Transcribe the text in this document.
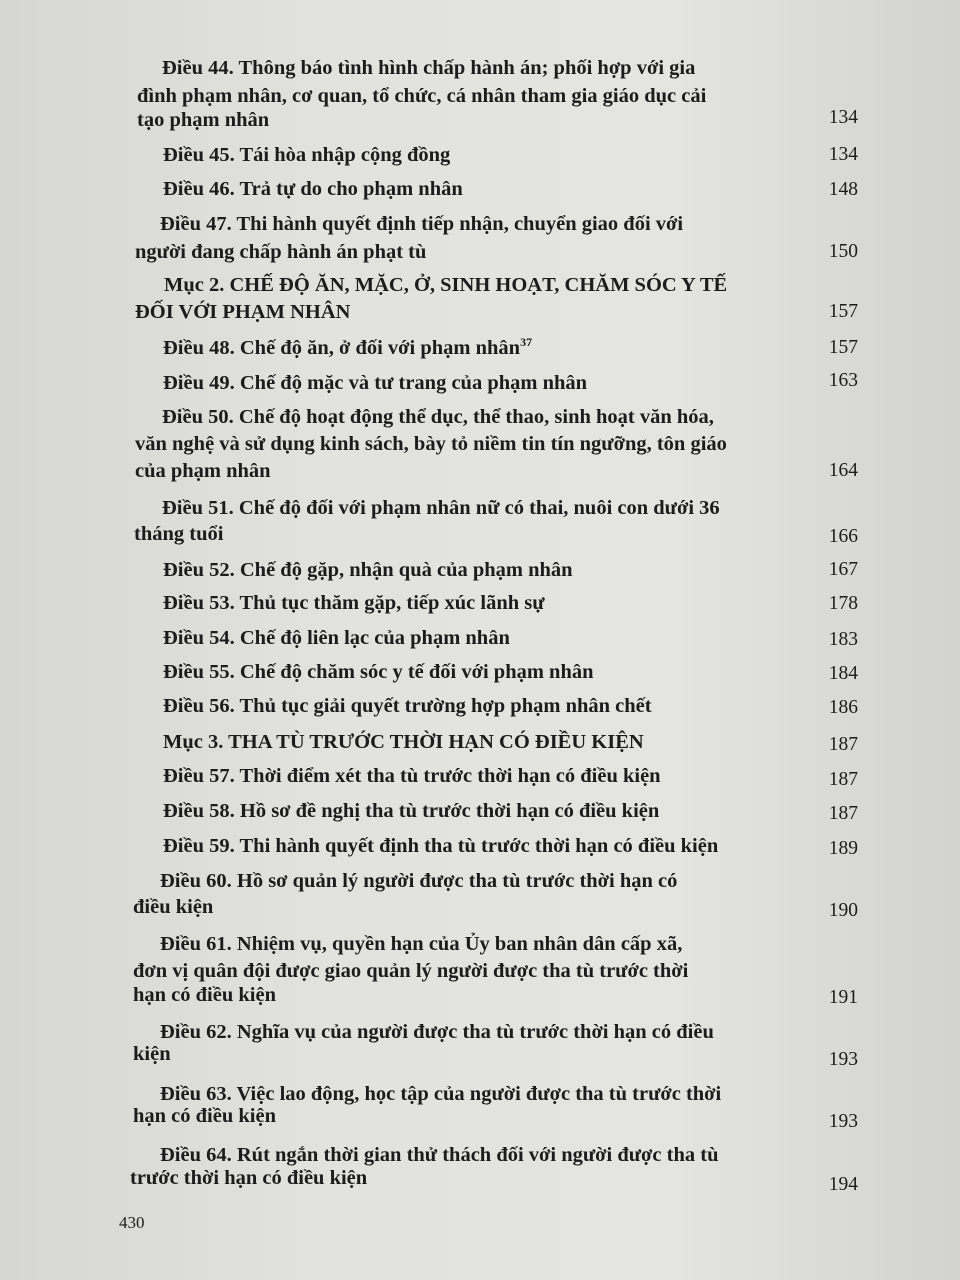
Điều 44. Thông báo tình hình chấp hành án; phối hợp với gia
đình phạm nhân, cơ quan, tổ chức, cá nhân tham gia giáo dục cải
tạo phạm nhân	134
Điều 45. Tái hòa nhập cộng đồng	134
Điều 46. Trả tự do cho phạm nhân	148
Điều 47. Thi hành quyết định tiếp nhận, chuyển giao đối với
người đang chấp hành án phạt tù	150
Mục 2. CHẾ ĐỘ ĂN, MẶC, Ở, SINH HOẠT, CHĂM SÓC Y TẾ
ĐỐI VỚI PHẠM NHÂN	157
Điều 48. Chế độ ăn, ở đối với phạm nhân$^{37}$	157
Điều 49. Chế độ mặc và tư trang của phạm nhân	163
Điều 50. Chế độ hoạt động thể dục, thể thao, sinh hoạt văn hóa,
văn nghệ và sử dụng kinh sách, bày tỏ niềm tin tín ngưỡng, tôn giáo
của phạm nhân	164
Điều 51. Chế độ đối với phạm nhân nữ có thai, nuôi con dưới 36
tháng tuổi	166
Điều 52. Chế độ gặp, nhận quà của phạm nhân	167
Điều 53. Thủ tục thăm gặp, tiếp xúc lãnh sự	178
Điều 54. Chế độ liên lạc của phạm nhân	183
Điều 55. Chế độ chăm sóc y tế đối với phạm nhân	184
Điều 56. Thủ tục giải quyết trường hợp phạm nhân chết	186
Mục 3. THA TÙ TRƯỚC THỜI HẠN CÓ ĐIỀU KIỆN	187
Điều 57. Thời điểm xét tha tù trước thời hạn có điều kiện	187
Điều 58. Hồ sơ đề nghị tha tù trước thời hạn có điều kiện	187
Điều 59. Thi hành quyết định tha tù trước thời hạn có điều kiện	189
Điều 60. Hồ sơ quản lý người được tha tù trước thời hạn có
điều kiện	190
Điều 61. Nhiệm vụ, quyền hạn của Ủy ban nhân dân cấp xã,
đơn vị quân đội được giao quản lý người được tha tù trước thời
hạn có điều kiện	191
Điều 62. Nghĩa vụ của người được tha tù trước thời hạn có điều
kiện	193
Điều 63. Việc lao động, học tập của người được tha tù trước thời
hạn có điều kiện	193
Điều 64. Rút ngắn thời gian thử thách đối với người được tha tù
trước thời hạn có điều kiện	194
430
